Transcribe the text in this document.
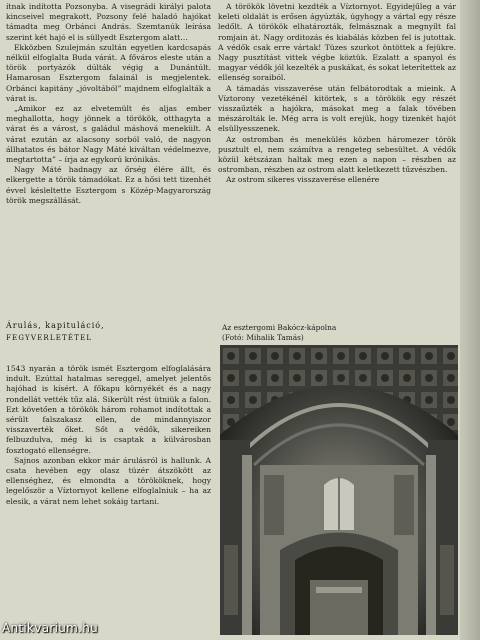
ítnak indította Pozsonyba. A visegrádi királyi palota kincseivel megrakott, Pozsony felé haladó hajókat támadta meg Orbánci András. Szemtanúk leírása szerint két hajó el is süllyedt Esztergom alatt…

Ekközben Szulejmán szultán egyetlen kardcsapás nélkül elfoglalta Buda várát. A főváros eleste után a török portyázók dúlták végig a Dunántúlt. Hamarosan Esztergom falainál is megjelentek. Orbánci kapitány „jóvoltából” majdnem elfoglalták a várat is.

„Amikor ez az elvetemült és aljas ember meghallotta, hogy jönnek a törökök, otthagyta a várat és a várost, s galádul máshová menekült. A várat ezután az alacsony sorból való, de nagyon állhatatos és bátor Nagy Máté kiváltan védelmezve, megtartotta” – írja az egykorú krónikás.

Nagy Máté hadnagy az őrség élére állt, és elkergette a török támadókat. Ez a hősi tett tizenhét évvel késleltette Esztergom s Közép-Magyarország török megszállását.

A törökök lövetni kezdték a Víztornyot. Egyidejűleg a vár keleti oldalát is erősen ágyúzták, úgyhogy a vártal egy része ledőlt. A törökök elhatározták, felmásznak a megnyílt fal romjain át. Nagy orditozás és kiabálás közben fel is jutottak. A védők csak erre vártak! Tüzes szurkot öntöttek a fejükre. Nagy pusztítást vittek végbe köztük. Ezalatt a spanyol és magyar védők jól kezelték a puskákat, és sokat leterítettek az ellenség soraiból.

A támadás visszaverése után felbátorodtak a mieink. A Víztorony vezetékénél kitörtek, s a törökök egy részét visszaűzték a hajókra, másokat meg a falak tövében mészárolták le. Még arra is volt erejük, hogy tizenkét hajót elsüllyesszenek.

Az ostromban és menekülés közben háromezer török pusztult el, nem számítva a rengeteg sebesültet. A védők közül kétszázan haltak meg ezen a napon – részben az ostromban, részben az ostrom alatt keletkezett tűzvészben.

Az ostrom sikeres visszaverése ellenére

Árulás, kapituláció,
FEGYVERLETÉTEL

1543 nyarán a török ismét Esztergom elfoglalására indult. Ezúttal hatalmas sereggel, amelyet jelentős hajóhad is kísért. A főkapu környékét és a nagy rondellát vették tűz alá. Sikerült rést ütniük a falon. Ezt követően a törökök három rohamot indítottak a sérült falszakasz ellen, de mindannyiszor visszaverték őket. Sőt a védők, sikereiken felbuzdulva, még ki is csaptak a külvárosban fosztogató ellenségre.

Sajnos azonban ekkor már árulásról is hallunk. A csata hevében egy olasz tüzér átszökött az ellenséghez, és elmondta a törököknek, hogy legelőször a Víztornyot kellene elfoglalniuk – ha az elesik, a várat nem lehet sokáig tartani.

Az esztergomi Bakócz-kápolna
(Fotó: Mihalik Tamás)
Antikvarium.hu
